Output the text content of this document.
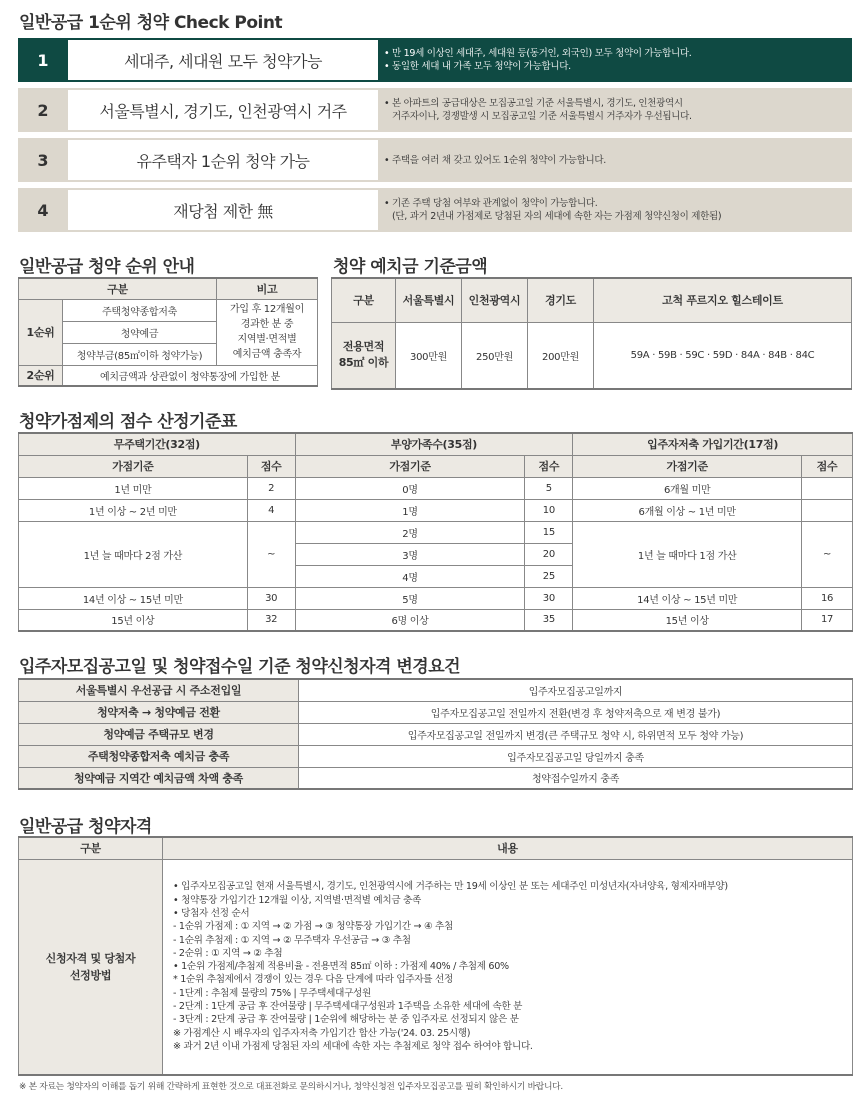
일반공급 1순위 청약 Check Point
1	세대주, 세대원 모두 청약가능	• 만 19세 이상인 세대주, 세대원 등(동거인, 외국인) 모두 청약이 가능합니다.
• 동일한 세대 내 가족 모두 청약이 가능합니다.
2	서울특별시, 경기도, 인천광역시 거주	• 본 아파트의 공급대상은 모집공고일 기준 서울특별시, 경기도, 인천광역시
거주자이나, 경쟁발생 시 모집공고일 기준 서울특별시 거주자가 우선됩니다.
3	유주택자 1순위 청약 가능	• 주택을 여러 채 갖고 있어도 1순위 청약이 가능합니다.
4	재당첨 제한 無	• 기존 주택 당첨 여부와 관계없이 청약이 가능합니다.
(단, 과거 2년내 가점제로 당첨된 자의 세대에 속한 자는 가점제 청약신청이 제한됨)
일반공급 청약 순위 안내
구분		비고
1순위	주택청약종합저축	가입 후 12개월이
경과한 분 중
지역별·면적별
예치금액 충족자

	청약예금	
	청약부금(85㎡이하 청약가능)	
2순위	예치금액과 상관없이 청약통장에 가입한 분	
청약 예치금 기준금액
구분	서울특별시	인천광역시	경기도	고척 푸르지오 힐스테이트

전용면적
85㎡ 이하	300만원	250만원	200만원	59A · 59B · 59C · 59D · 84A · 84B · 84C
청약가점제의 점수 산정기준표
무주택기간(32점)		부양가족수(35점)		입주자저축 가입기간(17점)	
가점기준	점수	가점기준	점수	가점기준	점수
1년 미만	2	0명	5	6개월 미만	
1년 이상 ~ 2년 미만	4	1명	10	6개월 이상 ~ 1년 미만	
1년 늘 때마다 2점 가산	~	2명	15	1년 늘 때마다 1점 가산	~
		3명	20		
		4명	25		
14년 이상 ~ 15년 미만	30	5명	30	14년 이상 ~ 15년 미만	16
15년 이상	32	6명 이상	35	15년 이상	17
입주자모집공고일 및 청약접수일 기준 청약신청자격 변경요건
서울특별시 우선공급 시 주소전입일	입주자모집공고일까지
청약저축 → 청약예금 전환	입주자모집공고일 전일까지 전환(변경 후 청약저축으로 재 변경 불가)
청약예금 주택규모 변경	입주자모집공고일 전일까지 변경(큰 주택규모 청약 시, 하위면적 모두 청약 가능)
주택청약종합저축 예치금 충족	입주자모집공고일 당일까지 충족
청약예금 지역간 예치금액 차액 충족	청약접수일까지 충족
일반공급 청약자격
구분	내용

신청자격 및 당첨자
선정방법

• 입주자모집공고일 현재 서울특별시, 경기도, 인천광역시에 거주하는 만 19세 이상인 분 또는 세대주인 미성년자(자녀양육, 형제자매부양)
• 청약통장 가입기간 12개월 이상, 지역별·면적별 예치금 충족
• 당첨자 선정 순서
- 1순위 가점제 : ① 지역 → ② 가점 → ③ 청약통장 가입기간 → ④ 추첨
- 1순위 추첨제 : ① 지역 → ② 무주택자 우선공급 → ③ 추첨
- 2순위 : ① 지역 → ② 추첨
• 1순위 가점제/추첨제 적용비율 - 전용면적 85㎡ 이하 : 가점제 40% / 추첨제 60%
* 1순위 추첨제에서 경쟁이 있는 경우 다음 단계에 따라 입주자를 선정
- 1단계 : 추첨제 물량의 75% | 무주택세대구성원
- 2단계 : 1단계 공급 후 잔여물량 | 무주택세대구성원과 1주택을 소유한 세대에 속한 분
- 3단계 : 2단계 공급 후 잔여물량 | 1순위에 해당하는 분 중 입주자로 선정되지 않은 분
※ 가점계산 시 배우자의 입주자저축 가입기간 합산 가능('24. 03. 25시행)
※ 과거 2년 이내 가점제 당첨된 자의 세대에 속한 자는 추첨제로 청약 접수 하여야 합니다.
※ 본 자료는 청약자의 이해를 돕기 위해 간략하게 표현한 것으로 대표전화로 문의하시거나, 청약신청전 입주자모집공고를 필히 확인하시기 바랍니다.
